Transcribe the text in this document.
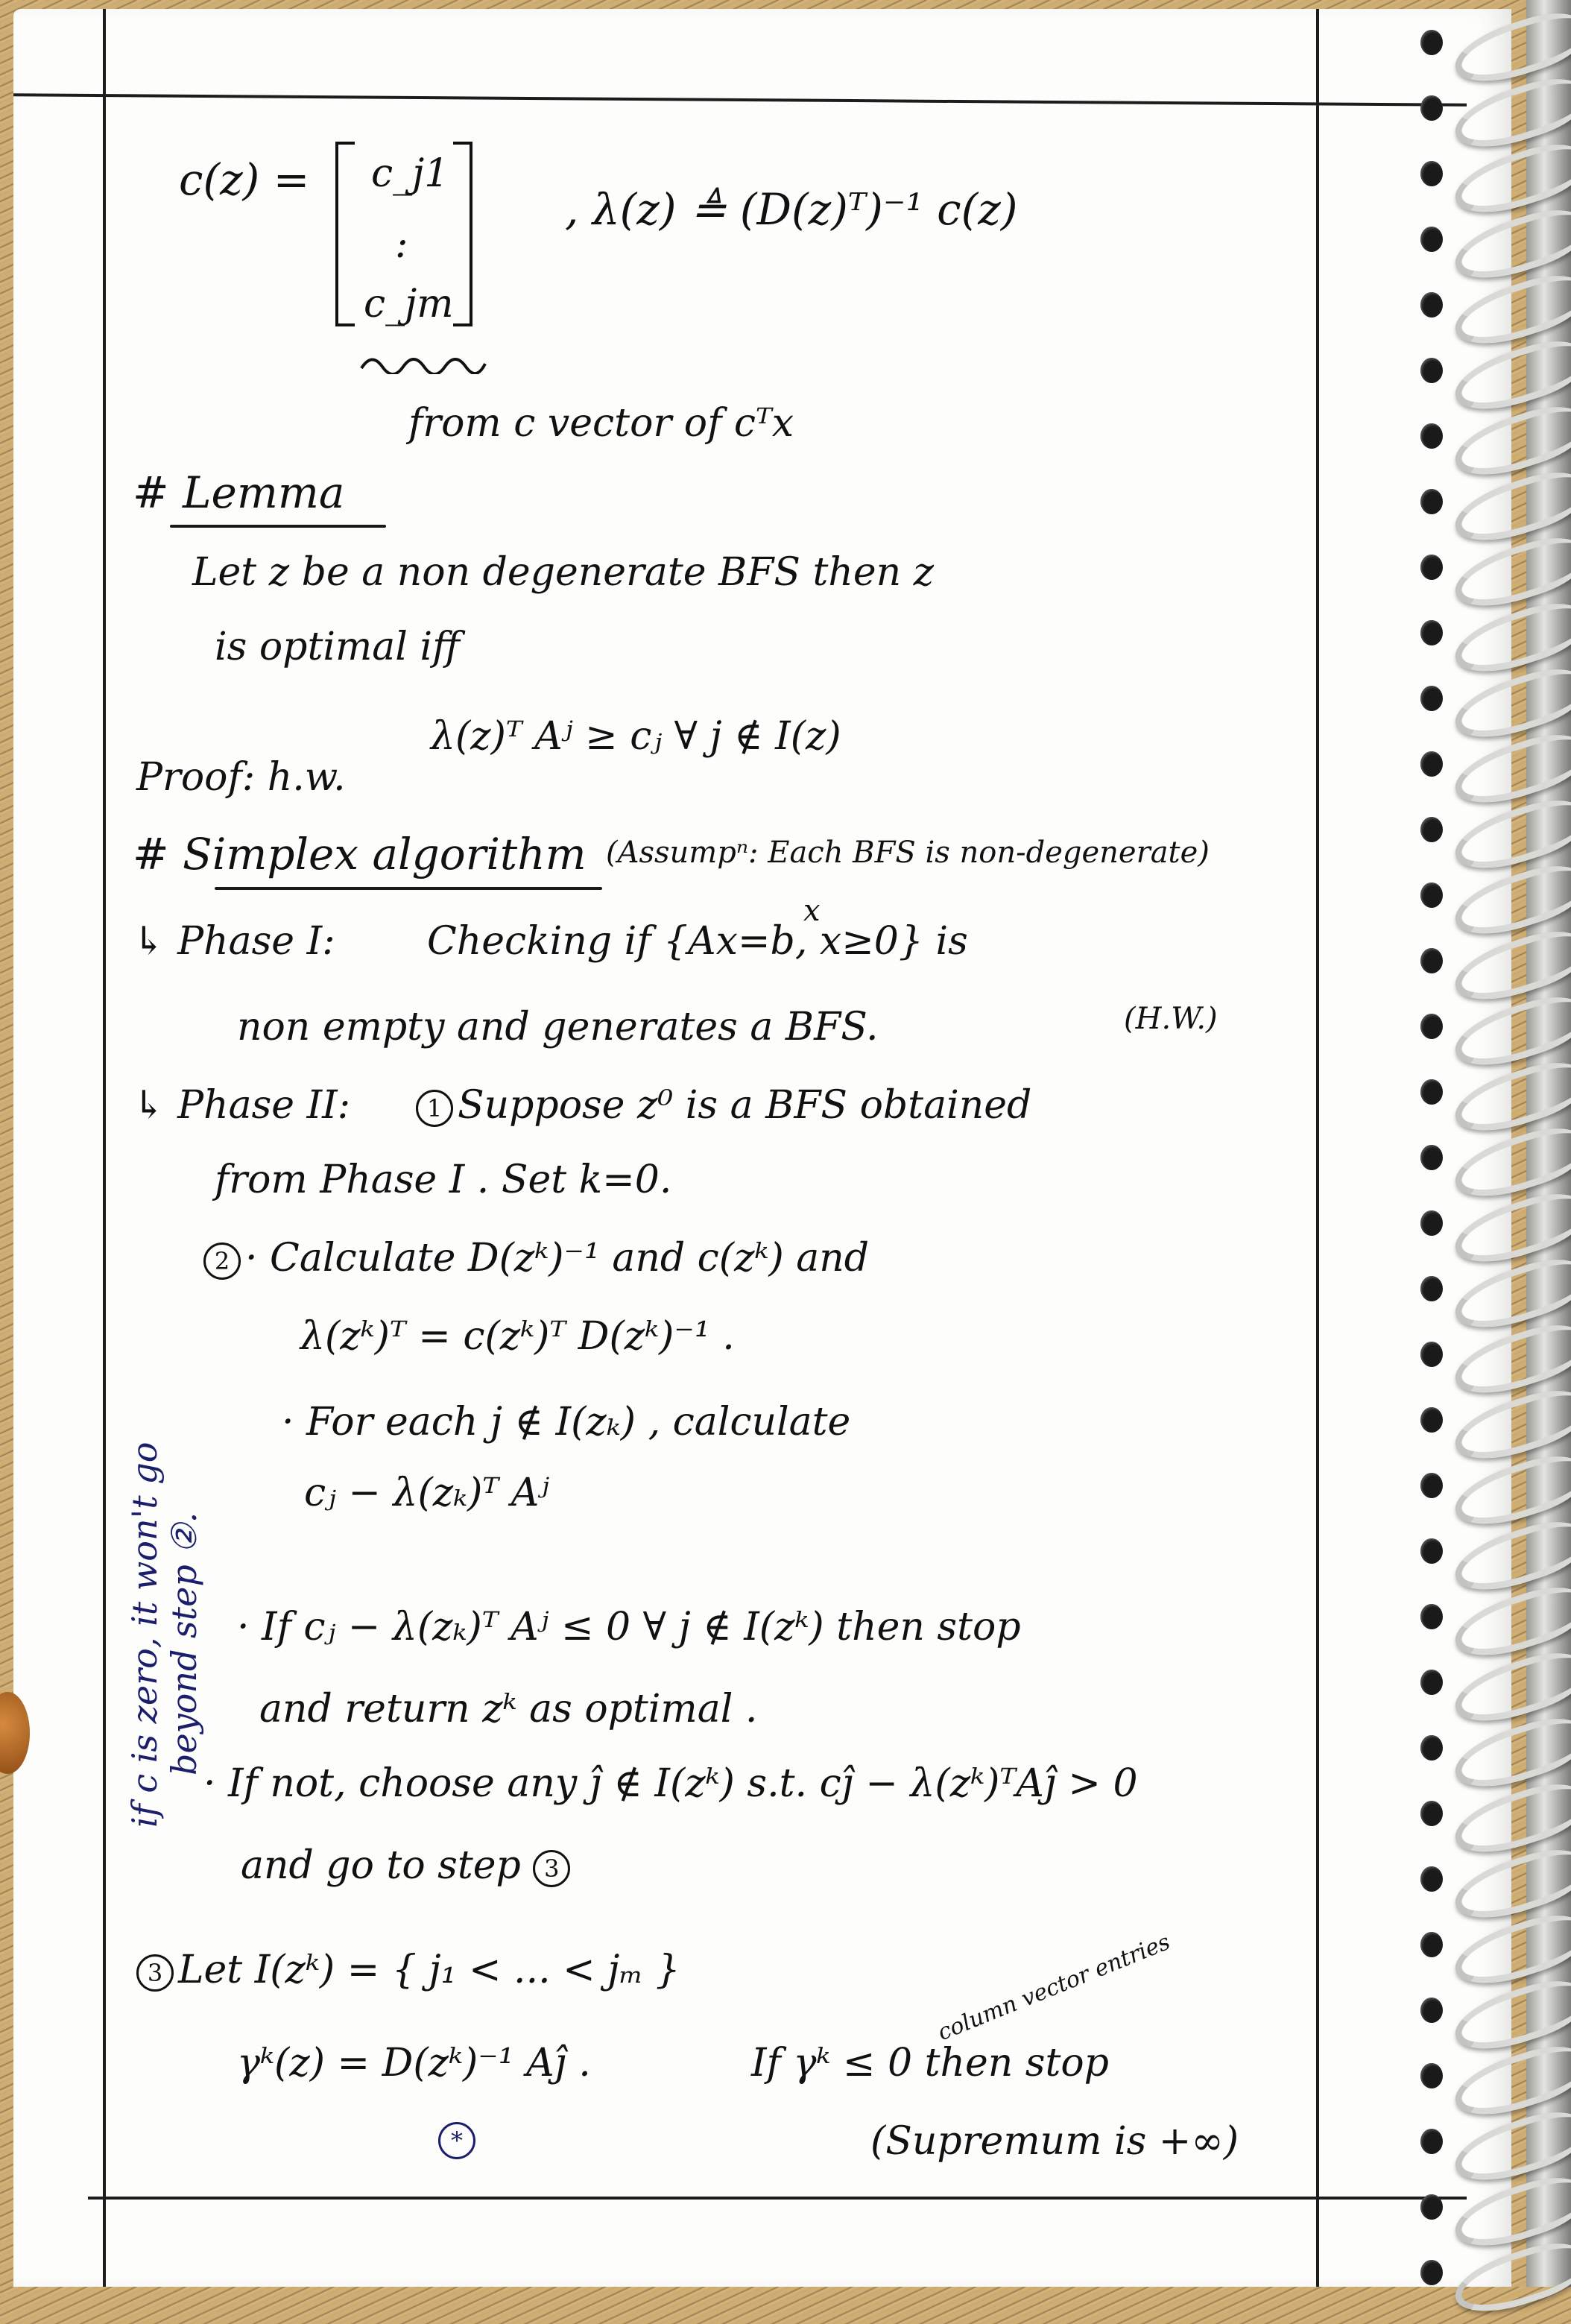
c(z) = c_j1
:
c_jm
, λ(z) ≜ (D(z)ᵀ)⁻¹ c(z)
from c vector of cᵀx
# Lemma
Let z be a non degenerate BFS then z
is optimal iff
λ(z)ᵀ Aʲ ≥ cⱼ ∀ j ∉ I(z)
Proof: h.w.
# Simplex algorithm (Assumpⁿ: Each BFS is non-degenerate)
x
↳ Phase I: Checking if {Ax=b, x≥0} is
non empty and generates a BFS.	(H.W.)
↳ Phase II:	1 Suppose z⁰ is a BFS obtained
from Phase I . Set k=0.
2 · Calculate D(zᵏ)⁻¹ and c(zᵏ) and
λ(zᵏ)ᵀ = c(zᵏ)ᵀ D(zᵏ)⁻¹ .
· For each j ∉ I(zₖ) , calculate
cⱼ − λ(zₖ)ᵀ Aʲ
· If cⱼ − λ(zₖ)ᵀ Aʲ ≤ 0 ∀ j ∉ I(zᵏ) then stop
and return zᵏ as optimal .
· If not, choose any ĵ ∉ I(zᵏ) s.t. cĵ − λ(zᵏ)ᵀAĵ > 0
and go to step 3
3 Let I(zᵏ) = { j₁ < ... < jₘ }
γᵏ(z) = D(zᵏ)⁻¹ Aĵ .	If γᵏ ≤ 0 then stop
column vector entries
(Supremum is +∞)
*
if c is zero, it won't go
beyond step ②.
